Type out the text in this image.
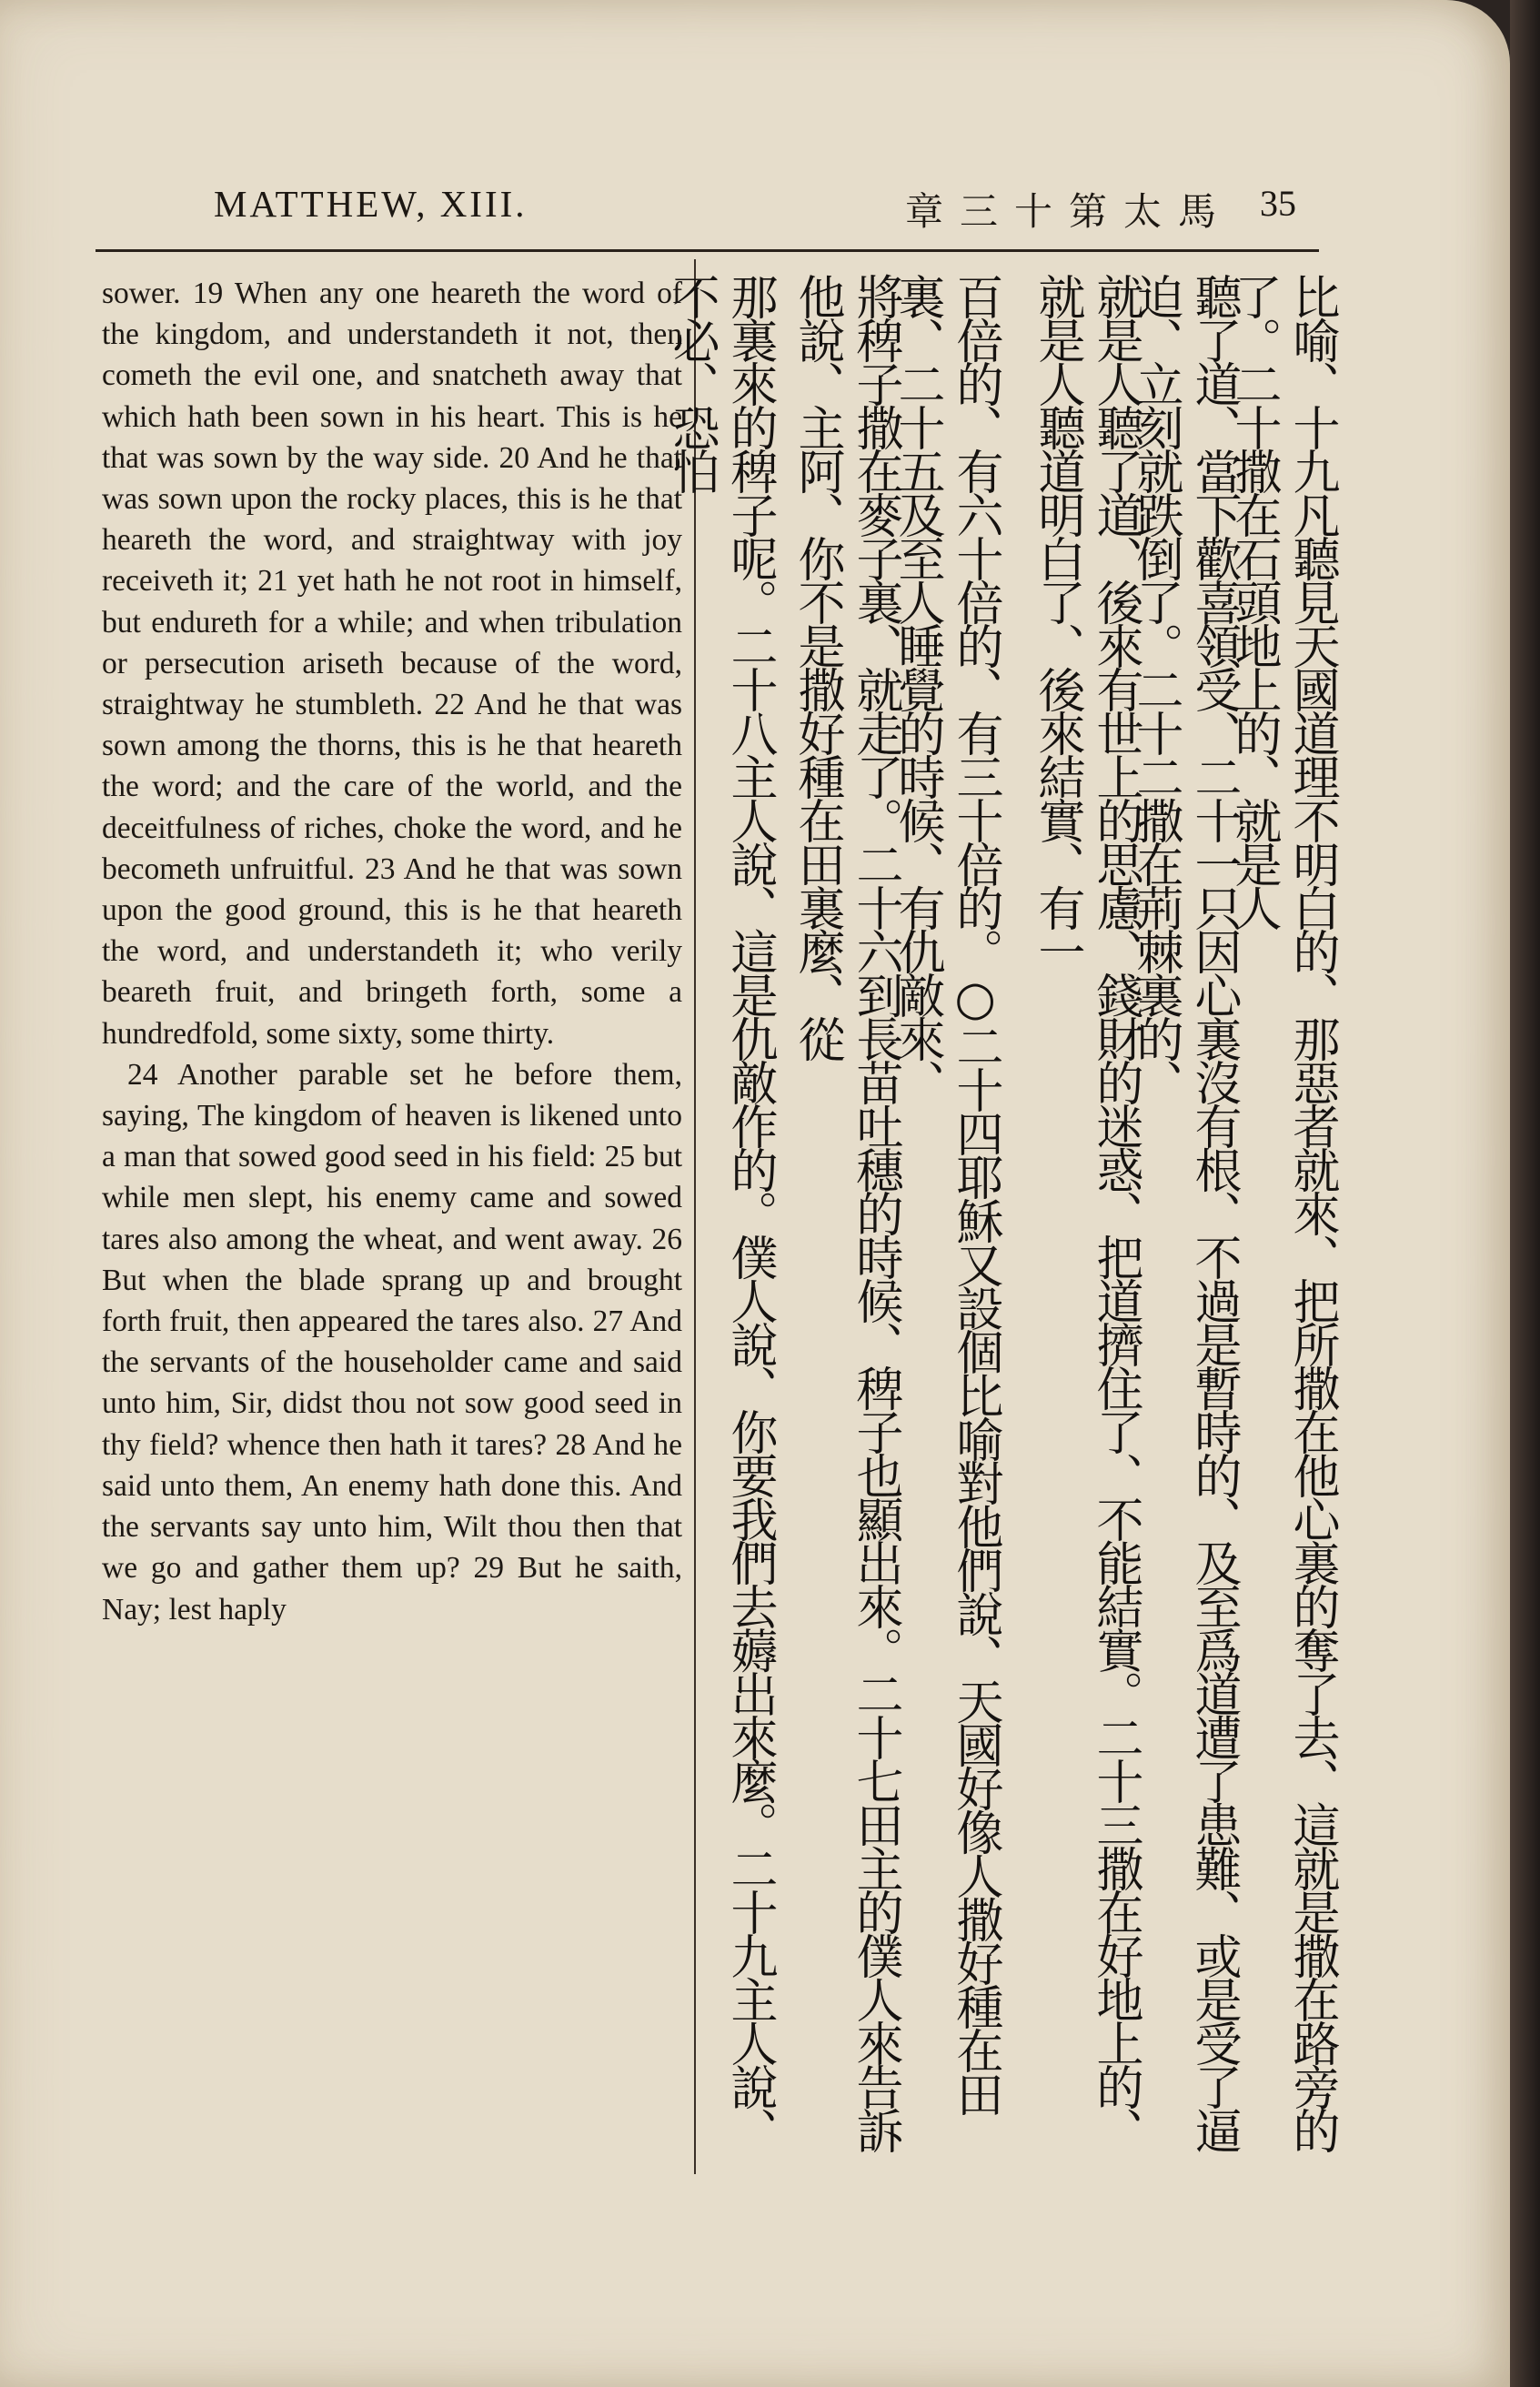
MATTHEW, XIII.	章三十第太馬 35

sower. 19 When any one heareth the word of the kingdom, and understandeth it not, then cometh the evil one, and snatcheth away that which hath been sown in his heart. This is he that was sown by the way side. 20 And he that was sown upon the rocky places, this is he that heareth the word, and straightway with joy receiveth it; 21 yet hath he not root in himself, but endureth for a while; and when tribulation or persecution ariseth because of the word, straightway he stumbleth. 22 And he that was sown among the thorns, this is he that heareth the word; and the care of the world, and the deceitfulness of riches, choke the word, and he becometh unfruitful. 23 And he that was sown upon the good ground, this is he that heareth the word, and understandeth it; who verily beareth fruit, and bringeth forth, some a hundredfold, some sixty, some thirty.

24 Another parable set he before them, saying, The kingdom of heaven is likened unto a man that sowed good seed in his field: 25 but while men slept, his enemy came and sowed tares also among the wheat, and went away. 26 But when the blade sprang up and brought forth fruit, then appeared the tares also. 27 And the servants of the householder came and said unto him, Sir, didst thou not sow good seed in thy field? whence then hath it tares? 28 And he said unto them, An enemy hath done this. And the servants say unto him, Wilt thou then that we go and gather them up? 29 But he saith, Nay; lest haply	比喻、十九凡聽見天國道理不明白的、那惡者就來、把所撒在他心裏的奪了去、這就是撒在路旁的了。二十撒在石頭地上的、就是人
聽了道、當下歡喜領受、二十一只因心裏沒有根、不過是暫時的、及至爲道遭了患難、或是受了逼迫、立刻就跌倒了。二十二撒在荊棘裏的、
就是人聽了道、後來有世上的思慮、錢財的迷惑、把道擠住了、不能結實。二十三撒在好地上的、就是人聽道明白了、後來結實、有一
百倍的、有六十倍的、有三十倍的。○二十四耶穌又設個比喻對他們說、天國好像人撒好種在田裏、二十五及至人睡覺的時候、有仇敵來、
將稗子撒在麥子裏、就走了。二十六到長苗吐穗的時候、稗子也顯出來。二十七田主的僕人來告訴他說、主阿、你不是撒好種在田裏麼、從
那裏來的稗子呢。二十八主人說、這是仇敵作的。僕人說、你要我們去薅出來麼。二十九主人說、不必、恐怕
